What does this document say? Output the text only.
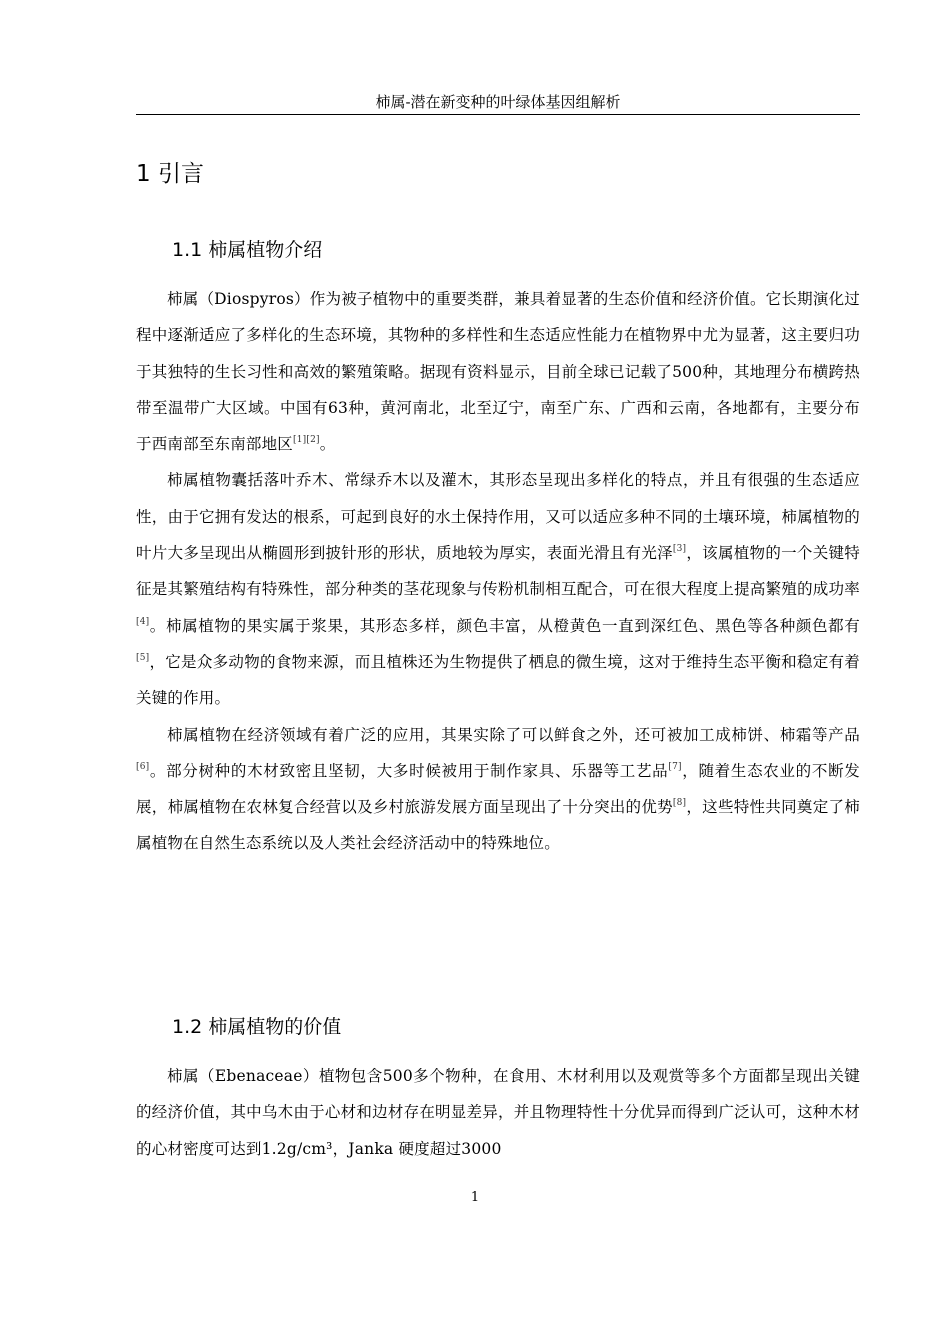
柿属-潜在新变种的叶绿体基因组解析
1 引言
1.1 柿属植物介绍

柿属（Diospyros）作为被子植物中的重要类群，兼具着显著的生态价值和经济价值。它长期演化过程中逐渐适应了多样化的生态环境，其物种的多样性和生态适应性能力在植物界中尤为显著，这主要归功于其独特的生长习性和高效的繁殖策略。据现有资料显示，目前全球已记载了500种，其地理分布横跨热带至温带广大区域。中国有63种，黄河南北，北至辽宁，南至广东、广西和云南，各地都有，主要分布于西南部至东南部地区[1][2]。

柿属植物囊括落叶乔木、常绿乔木以及灌木，其形态呈现出多样化的特点，并且有很强的生态适应性，由于它拥有发达的根系，可起到良好的水土保持作用，又可以适应多种不同的土壤环境，柿属植物的叶片大多呈现出从椭圆形到披针形的形状，质地较为厚实，表面光滑且有光泽[3]，该属植物的一个关键特征是其繁殖结构有特殊性，部分种类的茎花现象与传粉机制相互配合，可在很大程度上提高繁殖的成功率[4]。柿属植物的果实属于浆果，其形态多样，颜色丰富，从橙黄色一直到深红色、黑色等各种颜色都有[5]，它是众多动物的食物来源，而且植株还为生物提供了栖息的微生境，这对于维持生态平衡和稳定有着关键的作用。

柿属植物在经济领域有着广泛的应用，其果实除了可以鲜食之外，还可被加工成柿饼、柿霜等产品[6]。部分树种的木材致密且坚韧，大多时候被用于制作家具、乐器等工艺品[7]，随着生态农业的不断发展，柿属植物在农林复合经营以及乡村旅游发展方面呈现出了十分突出的优势[8]，这些特性共同奠定了柿属植物在自然生态系统以及人类社会经济活动中的特殊地位。

1.2 柿属植物的价值

柿属（Ebenaceae）植物包含500多个物种，在食用、木材利用以及观赏等多个方面都呈现出关键的经济价值，其中乌木由于心材和边材存在明显差异，并且物理特性十分优异而得到广泛认可，这种木材的心材密度可达到1.2g/cm³，Janka 硬度超过3000

1
